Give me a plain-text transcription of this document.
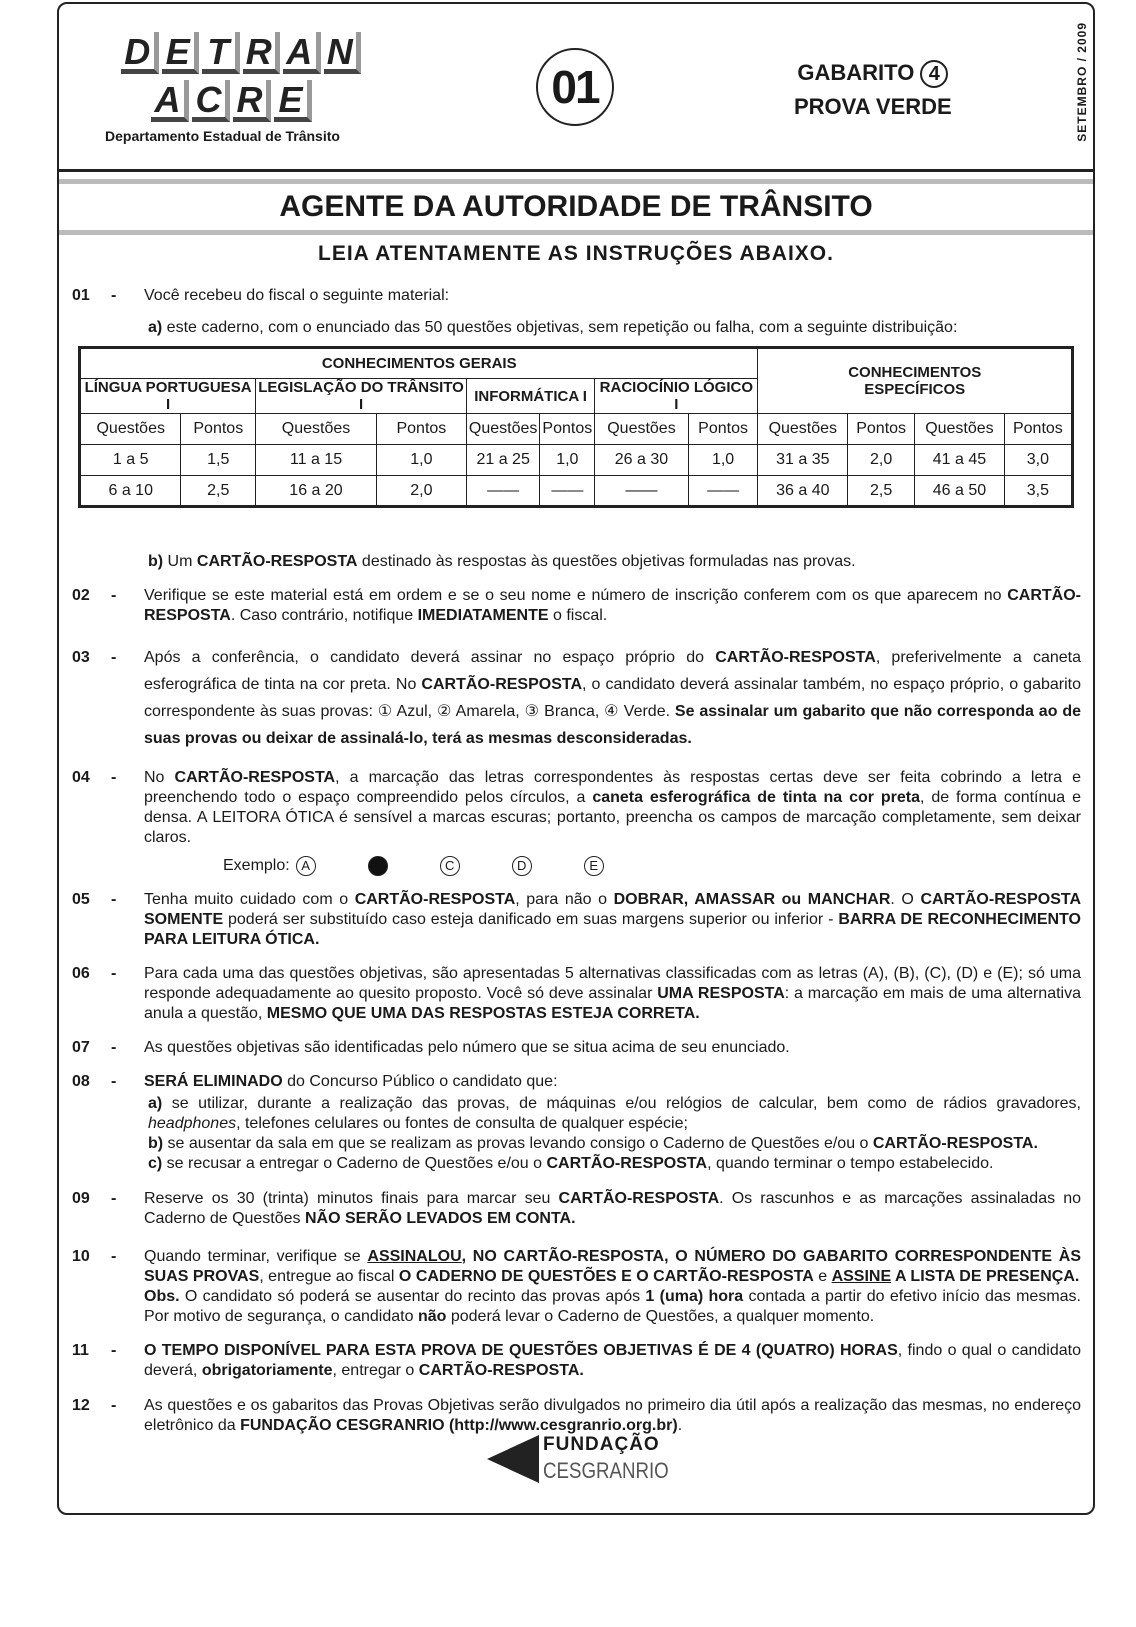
D E T R A N
A C R E
Departamento Estadual de Trânsito
01	GABARITO 4
PROVA VERDE	SETEMBRO / 2009
AGENTE DA AUTORIDADE DE TRÂNSITO
LEIA ATENTAMENTE AS INSTRUÇÕES ABAIXO.
01 - Você recebeu do fiscal o seguinte material:
a) este caderno, com o enunciado das 50 questões objetivas, sem repetição ou falha, com a seguinte distribuição:
CONHECIMENTOS GERAIS								CONHECIMENTOS ESPECÍFICOS			
LÍNGUA PORTUGUESA I		LEGISLAÇÃO DO TRÂNSITO I		INFORMÁTICA I		RACIOCÍNIO LÓGICO I					
Questões	Pontos	Questões	Pontos	Questões	Pontos	Questões	Pontos	Questões	Pontos	Questões	Pontos
1 a 5	1,5	11 a 15	1,0	21 a 25	1,0	26 a 30	1,0	31 a 35	2,0	41 a 45	3,0
6 a 10	2,5	16 a 20	2,0	——	——	——	——	36 a 40	2,5	46 a 50	3,5
b) Um CARTÃO-RESPOSTA destinado às respostas às questões objetivas formuladas nas provas.
02 - Verifique se este material está em ordem e se o seu nome e número de inscrição conferem com os que aparecem no CARTÃO-RESPOSTA. Caso contrário, notifique IMEDIATAMENTE o fiscal.
03 - Após a conferência, o candidato deverá assinar no espaço próprio do CARTÃO-RESPOSTA, preferivelmente a caneta esferográfica de tinta na cor preta. No CARTÃO-RESPOSTA, o candidato deverá assinalar também, no espaço próprio, o gabarito correspondente às suas provas: ① Azul, ② Amarela, ③ Branca, ④ Verde. Se assinalar um gabarito que não corresponda ao de suas provas ou deixar de assinalá-lo, terá as mesmas desconsideradas.
04 - No CARTÃO-RESPOSTA, a marcação das letras correspondentes às respostas certas deve ser feita cobrindo a letra e preenchendo todo o espaço compreendido pelos círculos, a caneta esferográfica de tinta na cor preta, de forma contínua e densa. A LEITORA ÓTICA é sensível a marcas escuras; portanto, preencha os campos de marcação completamente, sem deixar claros.
Exemplo: A	C	D	E
05 - Tenha muito cuidado com o CARTÃO-RESPOSTA, para não o DOBRAR, AMASSAR ou MANCHAR. O CARTÃO-RESPOSTA SOMENTE poderá ser substituído caso esteja danificado em suas margens superior ou inferior - BARRA DE RECONHECIMENTO PARA LEITURA ÓTICA.
06 - Para cada uma das questões objetivas, são apresentadas 5 alternativas classificadas com as letras (A), (B), (C), (D) e (E); só uma responde adequadamente ao quesito proposto. Você só deve assinalar UMA RESPOSTA: a marcação em mais de uma alternativa anula a questão, MESMO QUE UMA DAS RESPOSTAS ESTEJA CORRETA.
07 - As questões objetivas são identificadas pelo número que se situa acima de seu enunciado.
08 - SERÁ ELIMINADO do Concurso Público o candidato que:
a) se utilizar, durante a realização das provas, de máquinas e/ou relógios de calcular, bem como de rádios gravadores, headphones, telefones celulares ou fontes de consulta de qualquer espécie;
b) se ausentar da sala em que se realizam as provas levando consigo o Caderno de Questões e/ou o CARTÃO-RESPOSTA.
c) se recusar a entregar o Caderno de Questões e/ou o CARTÃO-RESPOSTA, quando terminar o tempo estabelecido.
09 - Reserve os 30 (trinta) minutos finais para marcar seu CARTÃO-RESPOSTA. Os rascunhos e as marcações assinaladas no Caderno de Questões NÃO SERÃO LEVADOS EM CONTA.
10 - Quando terminar, verifique se ASSINALOU, NO CARTÃO-RESPOSTA, O NÚMERO DO GABARITO CORRESPONDENTE ÀS SUAS PROVAS, entregue ao fiscal O CADERNO DE QUESTÕES E O CARTÃO-RESPOSTA e ASSINE A LISTA DE PRESENÇA.
Obs. O candidato só poderá se ausentar do recinto das provas após 1 (uma) hora contada a partir do efetivo início das mesmas. Por motivo de segurança, o candidato não poderá levar o Caderno de Questões, a qualquer momento.
11 - O TEMPO DISPONÍVEL PARA ESTA PROVA DE QUESTÕES OBJETIVAS É DE 4 (QUATRO) HORAS, findo o qual o candidato deverá, obrigatoriamente, entregar o CARTÃO-RESPOSTA.
12 - As questões e os gabaritos das Provas Objetivas serão divulgados no primeiro dia útil após a realização das mesmas, no endereço eletrônico da FUNDAÇÃO CESGRANRIO (http://www.cesgranrio.org.br).
FUNDAÇÃO
CESGRANRIO
